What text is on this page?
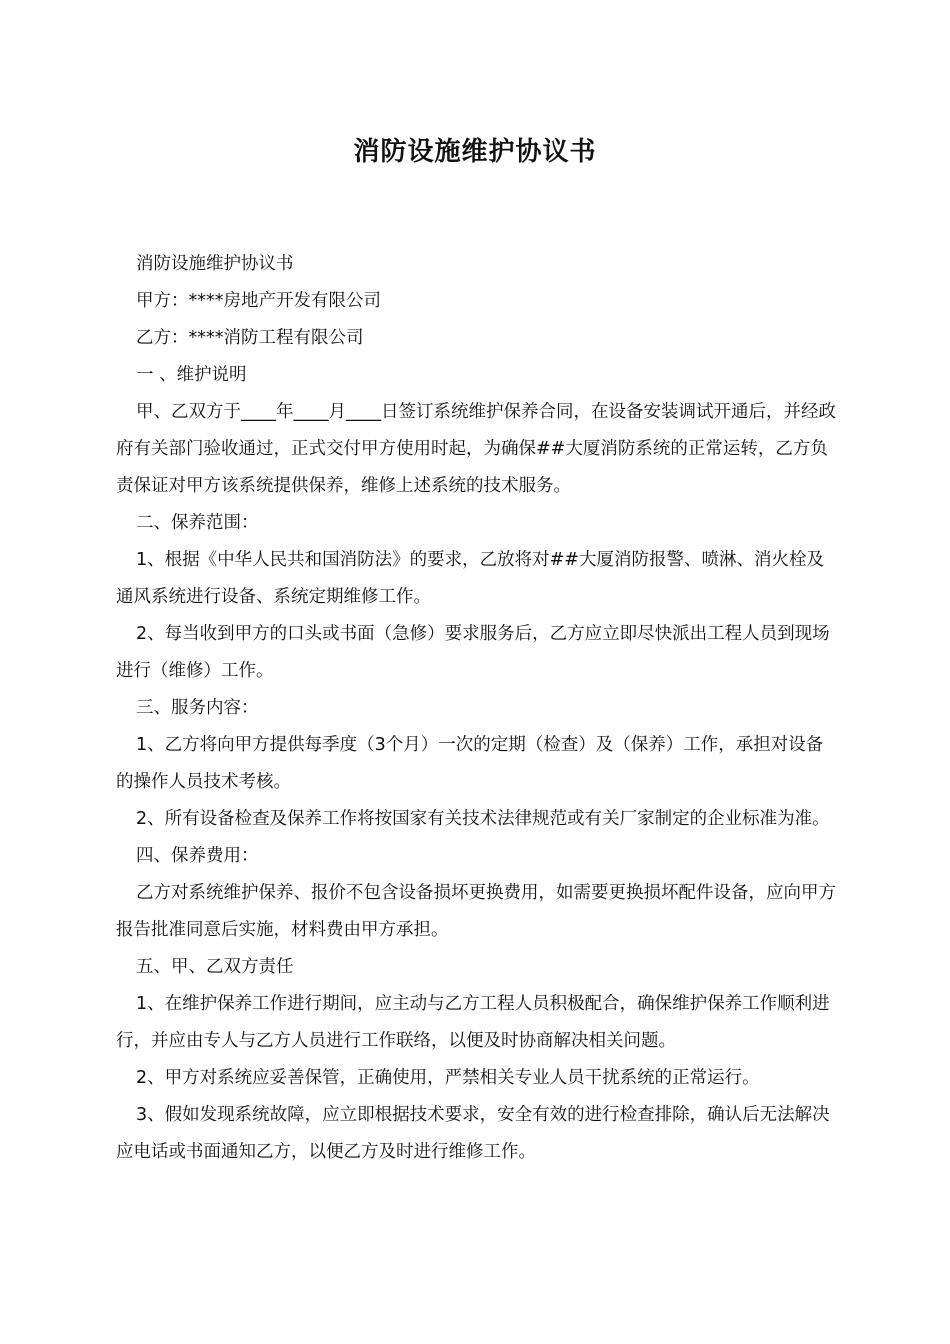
消防设施维护协议书

消防设施维护协议书

甲方：****房地产开发有限公司

乙方：****消防工程有限公司

一 、维护说明

甲、乙双方于____年____月____日签订系统维护保养合同，在设备安装调试开通后，并经政府有关部门验收通过，正式交付甲方使用时起，为确保##大厦消防系统的正常运转，乙方负责保证对甲方该系统提供保养，维修上述系统的技术服务。

二、保养范围：

1、根据《中华人民共和国消防法》的要求，乙放将对##大厦消防报警、喷淋、消火栓及通风系统进行设备、系统定期维修工作。

2、每当收到甲方的口头或书面（急修）要求服务后，乙方应立即尽快派出工程人员到现场进行（维修）工作。

三、服务内容：

1、乙方将向甲方提供每季度（3个月）一次的定期（检查）及（保养）工作，承担对设备的操作人员技术考核。

2、所有设备检查及保养工作将按国家有关技术法律规范或有关厂家制定的企业标准为准。

四、保养费用：

乙方对系统维护保养、报价不包含设备损坏更换费用，如需要更换损坏配件设备，应向甲方报告批准同意后实施，材料费由甲方承担。

五、甲、乙双方责任

1、在维护保养工作进行期间，应主动与乙方工程人员积极配合，确保维护保养工作顺利进行，并应由专人与乙方人员进行工作联络，以便及时协商解决相关问题。

2、甲方对系统应妥善保管，正确使用，严禁相关专业人员干扰系统的正常运行。

3、假如发现系统故障，应立即根据技术要求，安全有效的进行检查排除，确认后无法解决应电话或书面通知乙方，以便乙方及时进行维修工作。
